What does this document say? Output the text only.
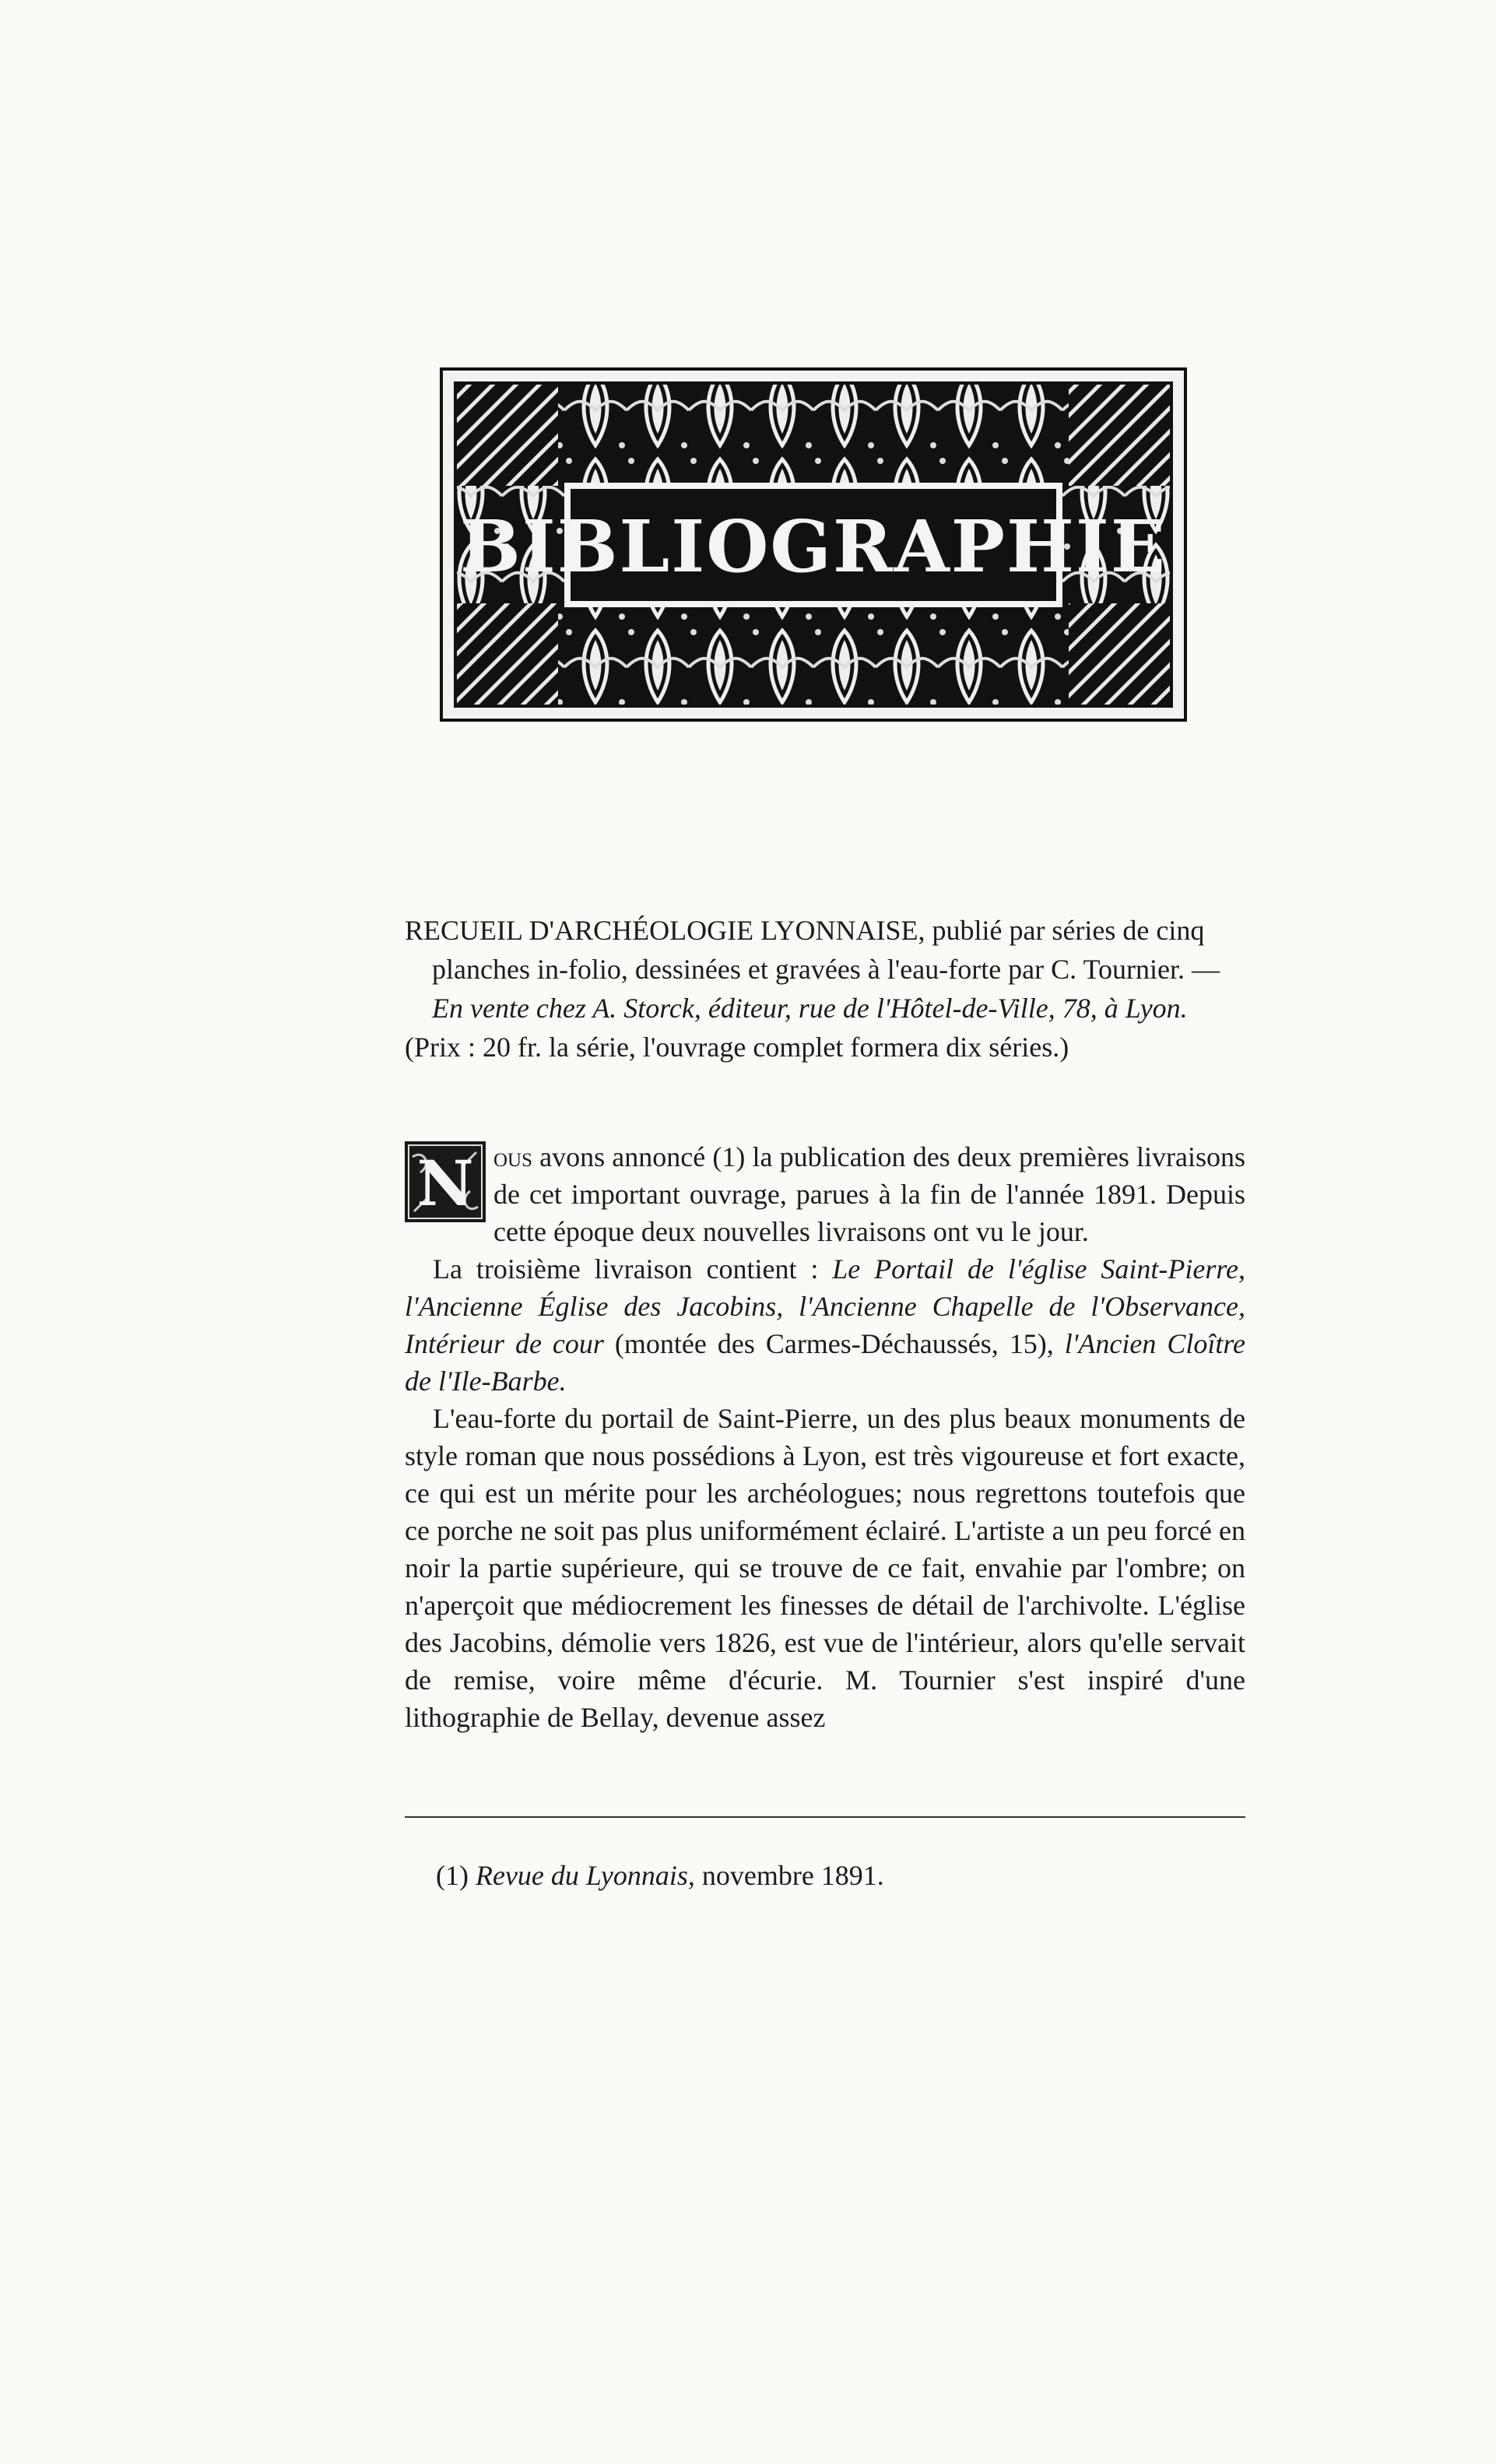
BIBLIOGRAPHIE

RECUEIL D'ARCHÉOLOGIE LYONNAISE, publié par séries de cinq planches in-folio, dessinées et gravées à l'eau-forte par C. Tournier. — En vente chez A. Storck, éditeur, rue de l'Hôtel-de-Ville, 78, à Lyon.

(Prix : 20 fr. la série, l'ouvrage complet formera dix séries.)

N ous avons annoncé (1) la publication des deux premières livraisons de cet important ouvrage, parues à la fin de l'année 1891. Depuis cette époque deux nouvelles livraisons ont vu le jour.

La troisième livraison contient : Le Portail de l'église Saint-Pierre, l'Ancienne Église des Jacobins, l'Ancienne Chapelle de l'Observance, Intérieur de cour (montée des Carmes-Déchaussés, 15), l'Ancien Cloître de l'Ile-Barbe.

L'eau-forte du portail de Saint-Pierre, un des plus beaux monuments de style roman que nous possédions à Lyon, est très vigoureuse et fort exacte, ce qui est un mérite pour les archéologues; nous regrettons toutefois que ce porche ne soit pas plus uniformément éclairé. L'artiste a un peu forcé en noir la partie supérieure, qui se trouve de ce fait, envahie par l'ombre; on n'aperçoit que médiocrement les finesses de détail de l'archivolte. L'église des Jacobins, démolie vers 1826, est vue de l'intérieur, alors qu'elle servait de remise, voire même d'écurie. M. Tournier s'est inspiré d'une lithographie de Bellay, devenue assez

(1) Revue du Lyonnais, novembre 1891.
